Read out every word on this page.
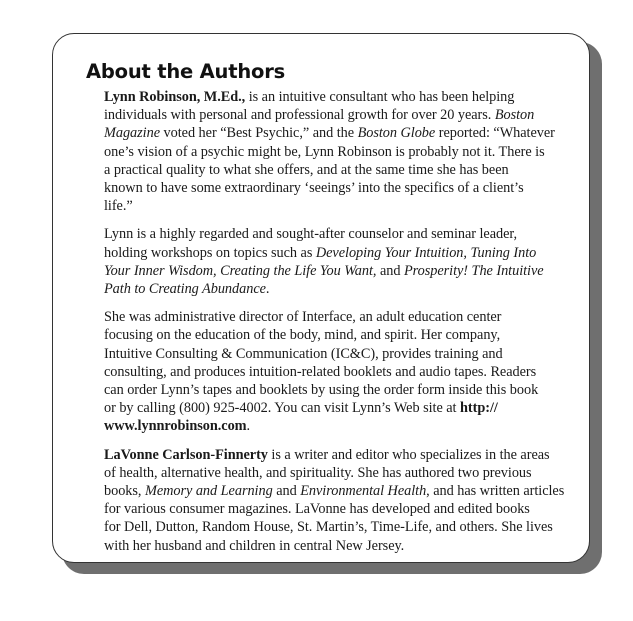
About the Authors

Lynn Robinson, M.Ed., is an intuitive consultant who has been helping
individuals with personal and professional growth for over 20 years. Boston
Magazine voted her “Best Psychic,” and the Boston Globe reported: “Whatever
one’s vision of a psychic might be, Lynn Robinson is probably not it. There is
a practical quality to what she offers, and at the same time she has been
known to have some extraordinary ‘seeings’ into the specifics of a client’s
life.”

Lynn is a highly regarded and sought-after counselor and seminar leader,
holding workshops on topics such as Developing Your Intuition, Tuning Into
Your Inner Wisdom, Creating the Life You Want, and Prosperity! The Intuitive
Path to Creating Abundance.

She was administrative director of Interface, an adult education center
focusing on the education of the body, mind, and spirit. Her company,
Intuitive Consulting & Communication (IC&C), provides training and
consulting, and produces intuition-related booklets and audio tapes. Readers
can order Lynn’s tapes and booklets by using the order form inside this book
or by calling (800) 925-4002. You can visit Lynn’s Web site at http://
www.lynnrobinson.com.

LaVonne Carlson-Finnerty is a writer and editor who specializes in the areas
of health, alternative health, and spirituality. She has authored two previous
books, Memory and Learning and Environmental Health, and has written articles
for various consumer magazines. LaVonne has developed and edited books
for Dell, Dutton, Random House, St. Martin’s, Time-Life, and others. She lives
with her husband and children in central New Jersey.
